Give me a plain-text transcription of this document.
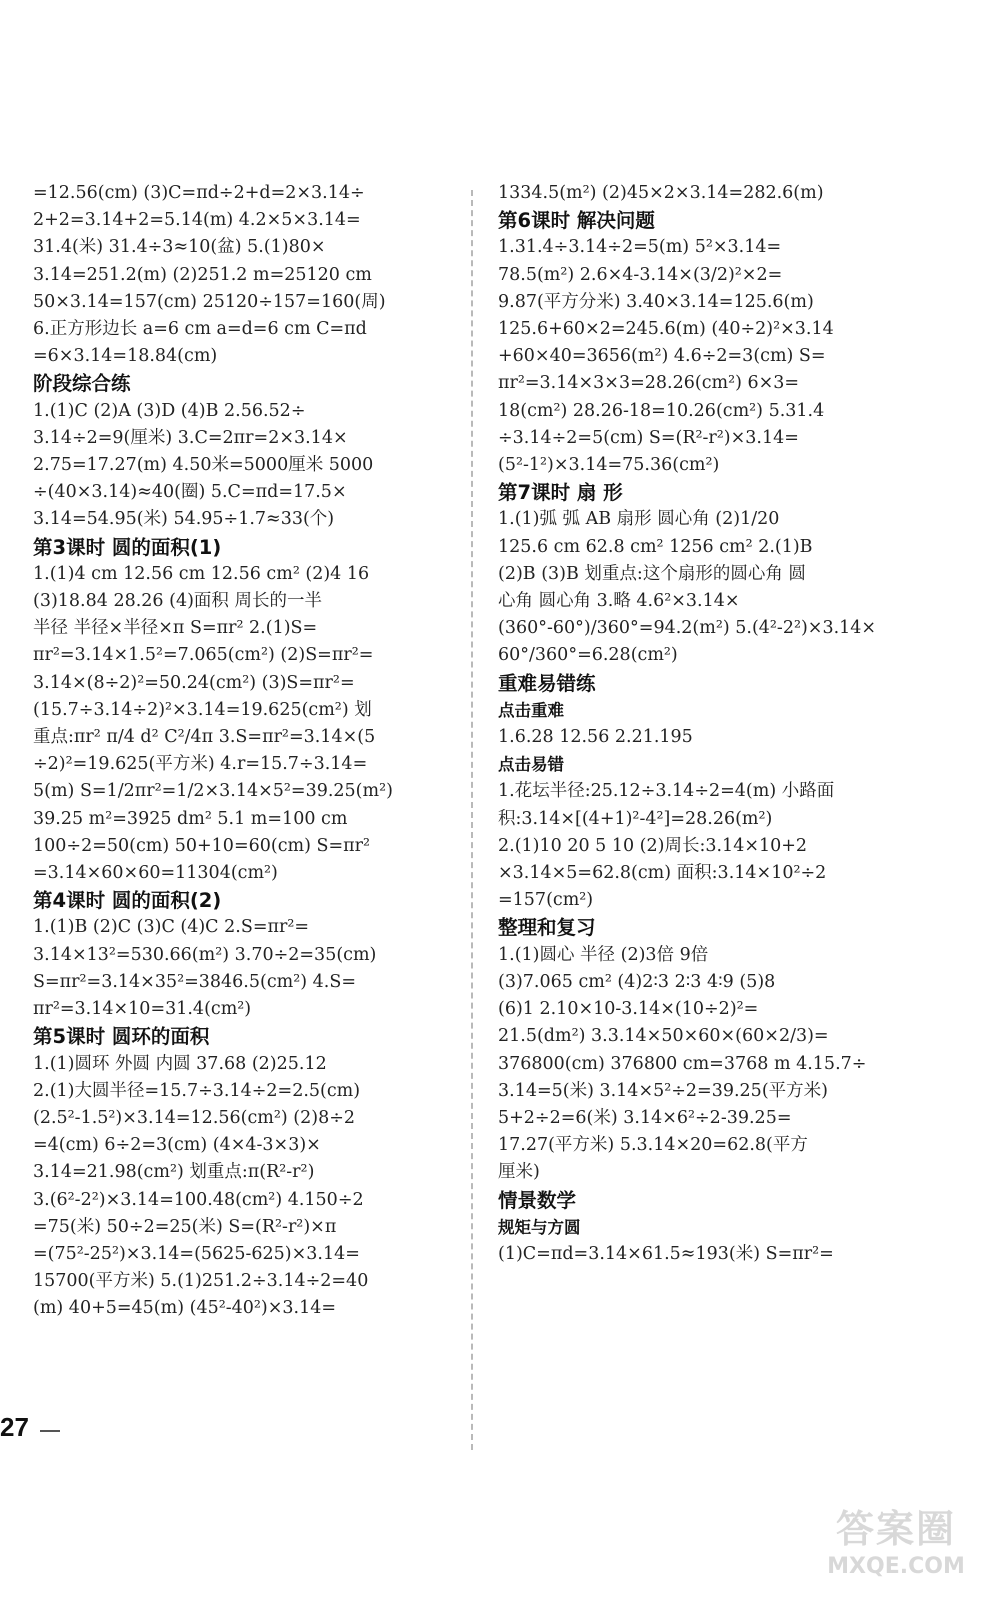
=12.56(cm) (3)C=πd÷2+d=2×3.14÷
2+2=3.14+2=5.14(m) 4.2×5×3.14=
31.4(米) 31.4÷3≈10(盆) 5.(1)80×
3.14=251.2(m) (2)251.2 m=25120 cm
50×3.14=157(cm) 25120÷157=160(周)
6.正方形边长 a=6 cm a=d=6 cm C=πd
=6×3.14=18.84(cm)
阶段综合练
1.(1)C (2)A (3)D (4)B 2.56.52÷
3.14÷2=9(厘米) 3.C=2πr=2×3.14×
2.75=17.27(m) 4.50米=5000厘米 5000
÷(40×3.14)≈40(圈) 5.C=πd=17.5×
3.14=54.95(米) 54.95÷1.7≈33(个)
第3课时 圆的面积(1)
1.(1)4 cm 12.56 cm 12.56 cm² (2)4 16
(3)18.84 28.26 (4)面积 周长的一半
半径 半径×半径×π S=πr² 2.(1)S=
πr²=3.14×1.5²=7.065(cm²) (2)S=πr²=
3.14×(8÷2)²=50.24(cm²) (3)S=πr²=
(15.7÷3.14÷2)²×3.14=19.625(cm²) 划
重点:πr² π/4 d² C²/4π 3.S=πr²=3.14×(5
÷2)²=19.625(平方米) 4.r=15.7÷3.14=
5(m) S=1/2πr²=1/2×3.14×5²=39.25(m²)
39.25 m²=3925 dm² 5.1 m=100 cm
100÷2=50(cm) 50+10=60(cm) S=πr²
=3.14×60×60=11304(cm²)
第4课时 圆的面积(2)
1.(1)B (2)C (3)C (4)C 2.S=πr²=
3.14×13²=530.66(m²) 3.70÷2=35(cm)
S=πr²=3.14×35²=3846.5(cm²) 4.S=
πr²=3.14×10=31.4(cm²)
第5课时 圆环的面积
1.(1)圆环 外圆 内圆 37.68 (2)25.12
2.(1)大圆半径=15.7÷3.14÷2=2.5(cm)
(2.5²-1.5²)×3.14=12.56(cm²) (2)8÷2
=4(cm) 6÷2=3(cm) (4×4-3×3)×
3.14=21.98(cm²) 划重点:π(R²-r²)
3.(6²-2²)×3.14=100.48(cm²) 4.150÷2
=75(米) 50÷2=25(米) S=(R²-r²)×π
=(75²-25²)×3.14=(5625-625)×3.14=
15700(平方米) 5.(1)251.2÷3.14÷2=40
(m) 40+5=45(m) (45²-40²)×3.14=
1334.5(m²) (2)45×2×3.14=282.6(m)
第6课时 解决问题
1.31.4÷3.14÷2=5(m) 5²×3.14=
78.5(m²) 2.6×4-3.14×(3/2)²×2=
9.87(平方分米) 3.40×3.14=125.6(m)
125.6+60×2=245.6(m) (40÷2)²×3.14
+60×40=3656(m²) 4.6÷2=3(cm) S=
πr²=3.14×3×3=28.26(cm²) 6×3=
18(cm²) 28.26-18=10.26(cm²) 5.31.4
÷3.14÷2=5(cm) S=(R²-r²)×3.14=
(5²-1²)×3.14=75.36(cm²)
第7课时 扇 形
1.(1)弧 弧 AB 扇形 圆心角 (2)1/20
125.6 cm 62.8 cm² 1256 cm² 2.(1)B
(2)B (3)B 划重点:这个扇形的圆心角 圆
心角 圆心角 3.略 4.6²×3.14×
(360°-60°)/360°=94.2(m²) 5.(4²-2²)×3.14×
60°/360°=6.28(cm²)
重难易错练
点击重难
1.6.28 12.56 2.21.195
点击易错
1.花坛半径:25.12÷3.14÷2=4(m) 小路面
积:3.14×[(4+1)²-4²]=28.26(m²)
2.(1)10 20 5 10 (2)周长:3.14×10+2
×3.14×5=62.8(cm) 面积:3.14×10²÷2
=157(cm²)
整理和复习
1.(1)圆心 半径 (2)3倍 9倍
(3)7.065 cm² (4)2∶3 2∶3 4∶9 (5)8
(6)1 2.10×10-3.14×(10÷2)²=
21.5(dm²) 3.3.14×50×60×(60×2/3)=
376800(cm) 376800 cm=3768 m 4.15.7÷
3.14=5(米) 3.14×5²÷2=39.25(平方米)
5+2÷2=6(米) 3.14×6²÷2-39.25=
17.27(平方米) 5.3.14×20=62.8(平方
厘米)
情景数学
规矩与方圆
(1)C=πd=3.14×61.5≈193(米) S=πr²=
27
答案圈
MXQE.COM
